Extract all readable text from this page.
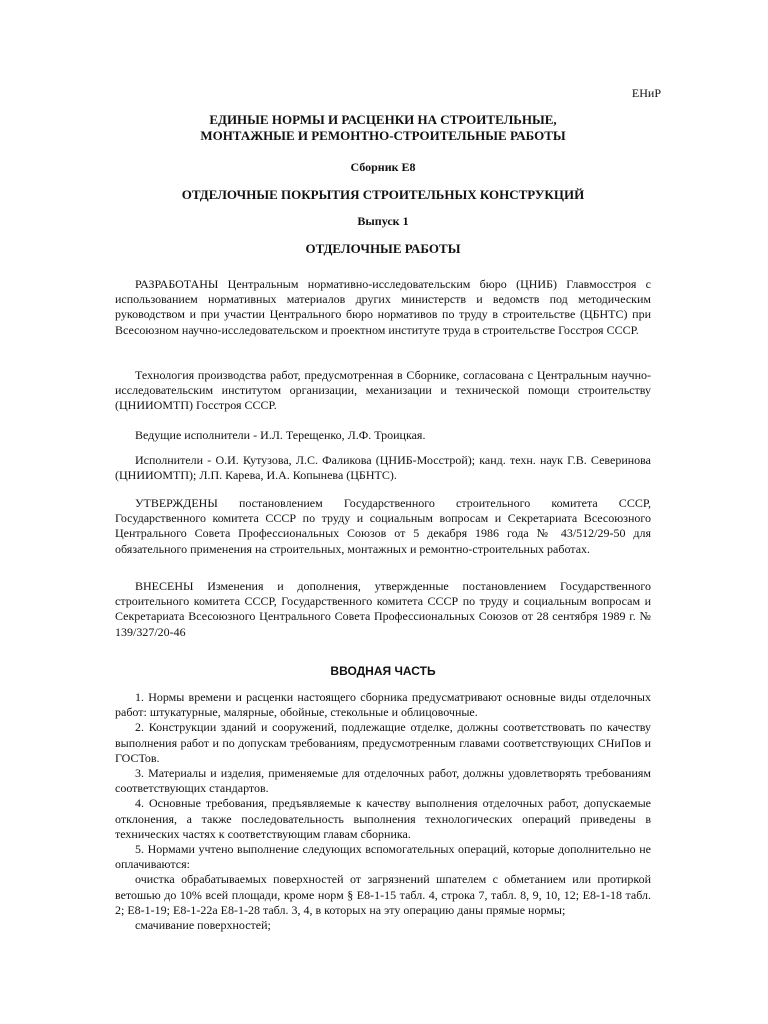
ЕНиР
ЕДИНЫЕ НОРМЫ И РАСЦЕНКИ НА СТРОИТЕЛЬНЫЕ,
МОНТАЖНЫЕ И РЕМОНТНО-СТРОИТЕЛЬНЫЕ РАБОТЫ
Сборник Е8
ОТДЕЛОЧНЫЕ ПОКРЫТИЯ СТРОИТЕЛЬНЫХ КОНСТРУКЦИЙ
Выпуск 1
ОТДЕЛОЧНЫЕ РАБОТЫ
РАЗРАБОТАНЫ Центральным нормативно-исследовательским бюро (ЦНИБ) Главмосстроя с использованием нормативных материалов других министерств и ведомств под методическим руководством и при участии Центрального бюро нормативов по труду в строительстве (ЦБНТС) при Всесоюзном научно-исследовательском и проектном институте труда в строительстве Госстроя СССР.
Технология производства работ, предусмотренная в Сборнике, согласована с Центральным научно-исследовательским институтом организации, механизации и технической помощи строительству (ЦНИИОМТП) Госстроя СССР.
Ведущие исполнители - И.Л. Терещенко, Л.Ф. Троицкая.
Исполнители - О.И. Кутузова, Л.С. Фаликова (ЦНИБ-Мосстрой); канд. техн. наук Г.В. Северинова (ЦНИИОМТП); Л.П. Карева, И.А. Копынева (ЦБНТС).
УТВЕРЖДЕНЫ постановлением Государственного строительного комитета СССР, Государственного комитета СССР по труду и социальным вопросам и Секретариата Всесоюзного Центрального Совета Профессиональных Союзов от 5 декабря 1986 года № 43/512/29-50 для обязательного применения на строительных, монтажных и ремонтно-строительных работах.
ВНЕСЕНЫ Изменения и дополнения, утвержденные постановлением Государственного строительного комитета СССР, Государственного комитета СССР по труду и социальным вопросам и Секретариата Всесоюзного Центрального Совета Профессиональных Союзов от 28 сентября 1989 г. № 139/327/20-46
ВВОДНАЯ ЧАСТЬ

1. Нормы времени и расценки настоящего сборника предусматривают основные виды отделочных работ: штукатурные, малярные, обойные, стекольные и облицовочные.

2. Конструкции зданий и сооружений, подлежащие отделке, должны соответствовать по качеству выполнения работ и по допускам требованиям, предусмотренным главами соответствующих СНиПов и ГОСТов.

3. Материалы и изделия, применяемые для отделочных работ, должны удовлетворять требованиям соответствующих стандартов.

4. Основные требования, предъявляемые к качеству выполнения отделочных работ, допускаемые отклонения, а также последовательность выполнения технологических операций приведены в технических частях к соответствующим главам сборника.

5. Нормами учтено выполнение следующих вспомогательных операций, которые дополнительно не оплачиваются:

очистка обрабатываемых поверхностей от загрязнений шпателем с обметанием или протиркой ветошью до 10% всей площади, кроме норм § Е8-1-15 табл. 4, строка 7, табл. 8, 9, 10, 12; Е8-1-18 табл. 2; Е8-1-19; Е8-1-22а Е8-1-28 табл. 3, 4, в которых на эту операцию даны прямые нормы;

смачивание поверхностей;
